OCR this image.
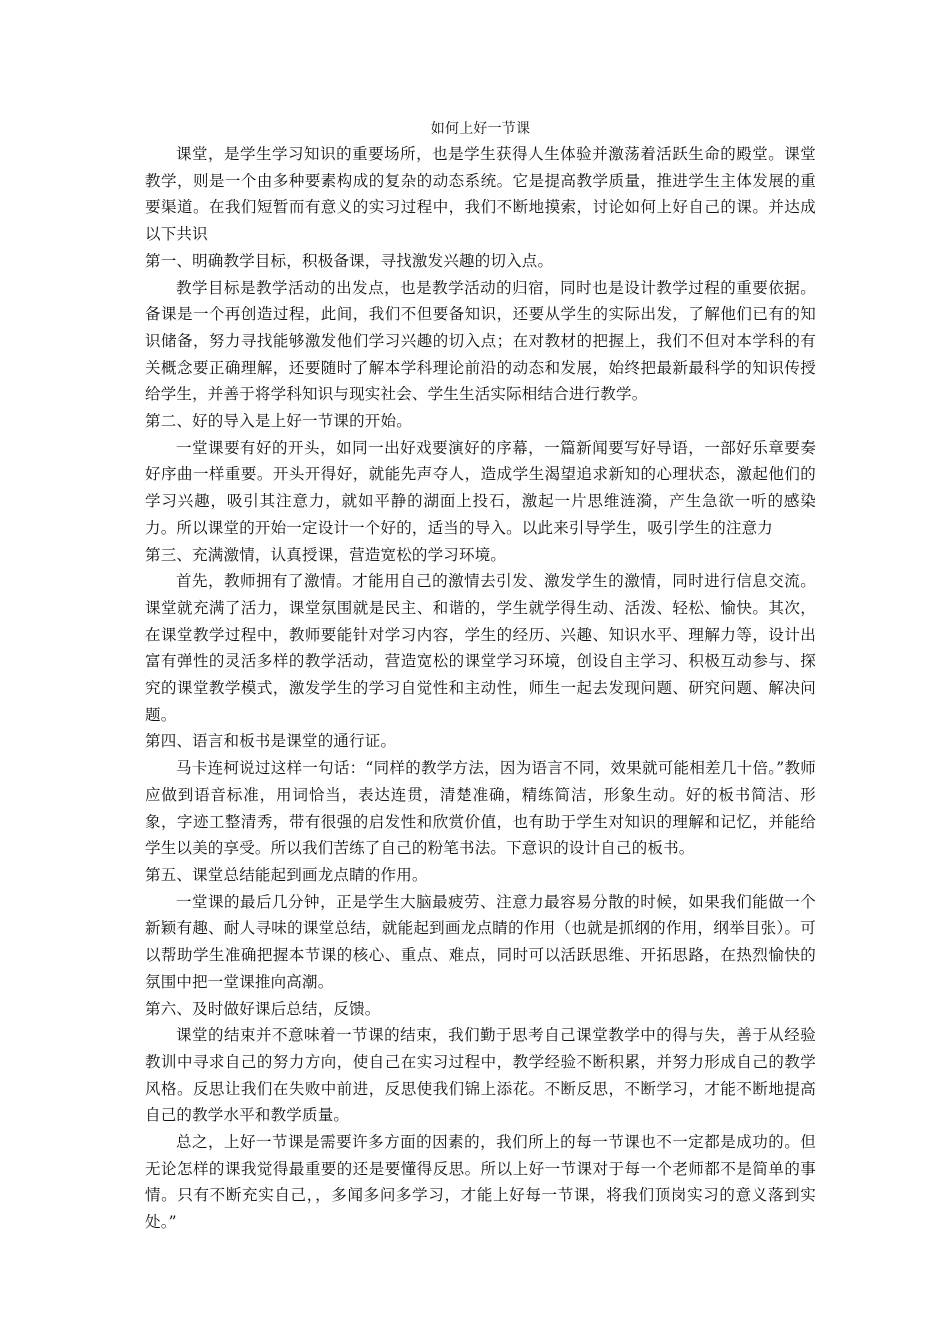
如何上好一节课

课堂，是学生学习知识的重要场所，也是学生获得人生体验并激荡着活跃生命的殿堂。课堂教学，则是一个由多种要素构成的复杂的动态系统。它是提高教学质量，推进学生主体发展的重要渠道。在我们短暂而有意义的实习过程中，我们不断地摸索，讨论如何上好自己的课。并达成以下共识

第一、明确教学目标，积极备课，寻找激发兴趣的切入点。

教学目标是教学活动的出发点，也是教学活动的归宿，同时也是设计教学过程的重要依据。备课是一个再创造过程，此间，我们不但要备知识，还要从学生的实际出发，了解他们已有的知识储备，努力寻找能够激发他们学习兴趣的切入点；在对教材的把握上，我们不但对本学科的有关概念要正确理解，还要随时了解本学科理论前沿的动态和发展，始终把最新最科学的知识传授给学生，并善于将学科知识与现实社会、学生生活实际相结合进行教学。

第二、好的导入是上好一节课的开始。

一堂课要有好的开头，如同一出好戏要演好的序幕，一篇新闻要写好导语，一部好乐章要奏好序曲一样重要。开头开得好，就能先声夺人，造成学生渴望追求新知的心理状态，激起他们的学习兴趣，吸引其注意力，就如平静的湖面上投石，激起一片思维涟漪，产生急欲一听的感染力。所以课堂的开始一定设计一个好的，适当的导入。以此来引导学生，吸引学生的注意力

第三、充满激情，认真授课，营造宽松的学习环境。

首先，教师拥有了激情。才能用自己的激情去引发、激发学生的激情，同时进行信息交流。课堂就充满了活力，课堂氛围就是民主、和谐的，学生就学得生动、活泼、轻松、愉快。其次，在课堂教学过程中，教师要能针对学习内容，学生的经历、兴趣、知识水平、理解力等，设计出富有弹性的灵活多样的教学活动，营造宽松的课堂学习环境，创设自主学习、积极互动参与、探究的课堂教学模式，激发学生的学习自觉性和主动性，师生一起去发现问题、研究问题、解决问题。

第四、语言和板书是课堂的通行证。

马卡连柯说过这样一句话：“同样的教学方法，因为语言不同，效果就可能相差几十倍。”教师应做到语音标准，用词恰当，表达连贯，清楚准确，精练简洁，形象生动。好的板书简洁、形象，字迹工整清秀，带有很强的启发性和欣赏价值，也有助于学生对知识的理解和记忆，并能给学生以美的享受。所以我们苦练了自己的粉笔书法。下意识的设计自己的板书。

第五、课堂总结能起到画龙点睛的作用。

一堂课的最后几分钟，正是学生大脑最疲劳、注意力最容易分散的时候，如果我们能做一个新颖有趣、耐人寻味的课堂总结，就能起到画龙点睛的作用（也就是抓纲的作用，纲举目张）。可以帮助学生准确把握本节课的核心、重点、难点，同时可以活跃思维、开拓思路，在热烈愉快的氛围中把一堂课推向高潮。

第六、及时做好课后总结，反馈。

课堂的结束并不意味着一节课的结束，我们勤于思考自己课堂教学中的得与失，善于从经验教训中寻求自己的努力方向，使自己在实习过程中，教学经验不断积累，并努力形成自己的教学风格。反思让我们在失败中前进，反思使我们锦上添花。不断反思，不断学习，才能不断地提高自己的教学水平和教学质量。

总之，上好一节课是需要许多方面的因素的，我们所上的每一节课也不一定都是成功的。但无论怎样的课我觉得最重要的还是要懂得反思。所以上好一节课对于每一个老师都不是简单的事情。只有不断充实自己，，多闻多问多学习，才能上好每一节课，将我们顶岗实习的意义落到实处。”
